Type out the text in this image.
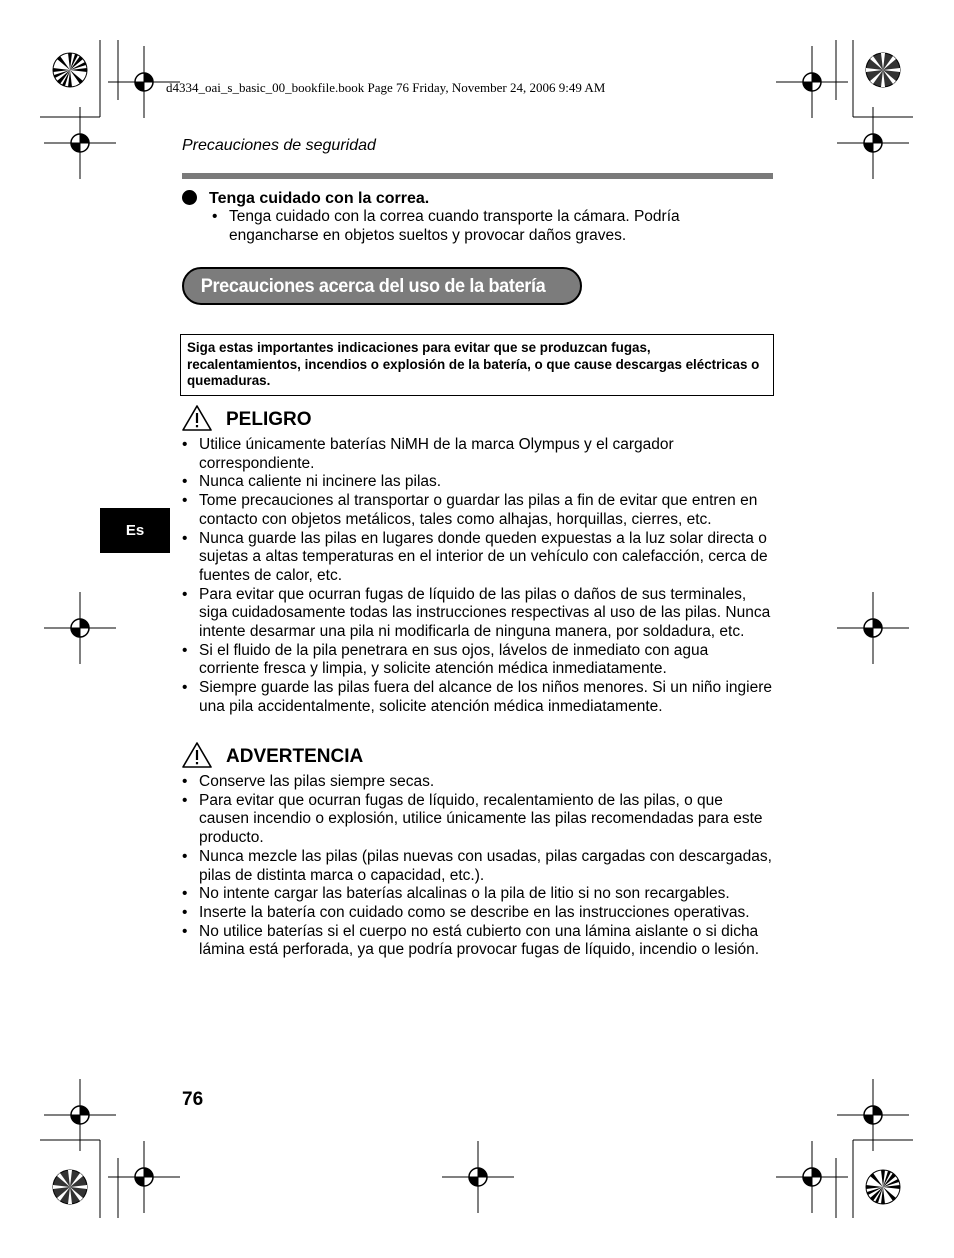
d4334_oai_s_basic_00_bookfile.book Page 76 Friday, November 24, 2006 9:49 AM
Precauciones de seguridad
Tenga cuidado con la correa.
• Tenga cuidado con la correa cuando transporte la cámara. Podría engancharse en objetos sueltos y provocar daños graves.
Precauciones acerca del uso de la batería
Siga estas importantes indicaciones para evitar que se produzcan fugas, recalentamientos, incendios o explosión de la batería, o que cause descargas eléctricas o quemaduras.
PELIGRO
• Utilice únicamente baterías NiMH de la marca Olympus y el cargador correspondiente.
• Nunca caliente ni incinere las pilas.
• Tome precauciones al transportar o guardar las pilas a fin de evitar que entren en contacto con objetos metálicos, tales como alhajas, horquillas, cierres, etc.
• Nunca guarde las pilas en lugares donde queden expuestas a la luz solar directa o sujetas a altas temperaturas en el interior de un vehículo con calefacción, cerca de fuentes de calor, etc.
• Para evitar que ocurran fugas de líquido de las pilas o daños de sus terminales, siga cuidadosamente todas las instrucciones respectivas al uso de las pilas. Nunca intente desarmar una pila ni modificarla de ninguna manera, por soldadura, etc.
• Si el fluido de la pila penetrara en sus ojos, lávelos de inmediato con agua corriente fresca y limpia, y solicite atención médica inmediatamente.
• Siempre guarde las pilas fuera del alcance de los niños menores. Si un niño ingiere una pila accidentalmente, solicite atención médica inmediatamente.
ADVERTENCIA
• Conserve las pilas siempre secas.
• Para evitar que ocurran fugas de líquido, recalentamiento de las pilas, o que causen incendio o explosión, utilice únicamente las pilas recomendadas para este producto.
• Nunca mezcle las pilas (pilas nuevas con usadas, pilas cargadas con descargadas, pilas de distinta marca o capacidad, etc.).
• No intente cargar las baterías alcalinas o la pila de litio si no son recargables.
• Inserte la batería con cuidado como se describe en las instrucciones operativas.
• No utilice baterías si el cuerpo no está cubierto con una lámina aislante o si dicha lámina está perforada, ya que podría provocar fugas de líquido, incendio o lesión.
Es
76
